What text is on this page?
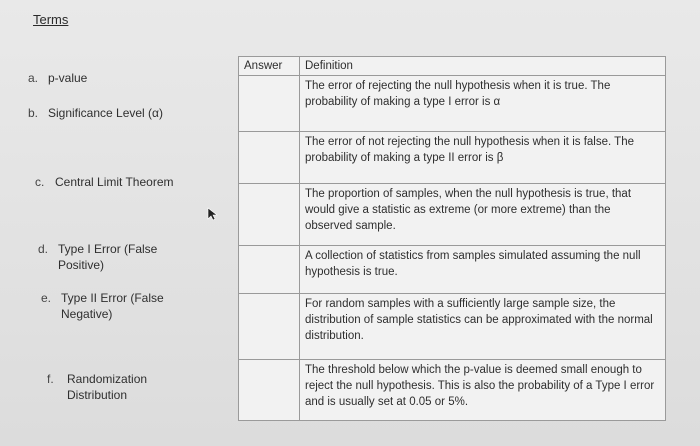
Terms
a. p-value
b. Significance Level (α)
c. Central Limit Theorem
d. Type I Error (False Positive)
e. Type II Error (False Negative)
f. Randomization Distribution
Answer	Definition
	The error of rejecting the null hypothesis when it is true. The probability of making a type I error is α
	The error of not rejecting the null hypothesis when it is false. The probability of making a type II error is β
	The proportion of samples, when the null hypothesis is true, that would give a statistic as extreme (or more extreme) than the observed sample.
	A collection of statistics from samples simulated assuming the null hypothesis is true.
	For random samples with a sufficiently large sample size, the distribution of sample statistics can be approximated with the normal distribution.
	The threshold below which the p-value is deemed small enough to reject the null hypothesis. This is also the probability of a Type I error and is usually set at 0.05 or 5%.
